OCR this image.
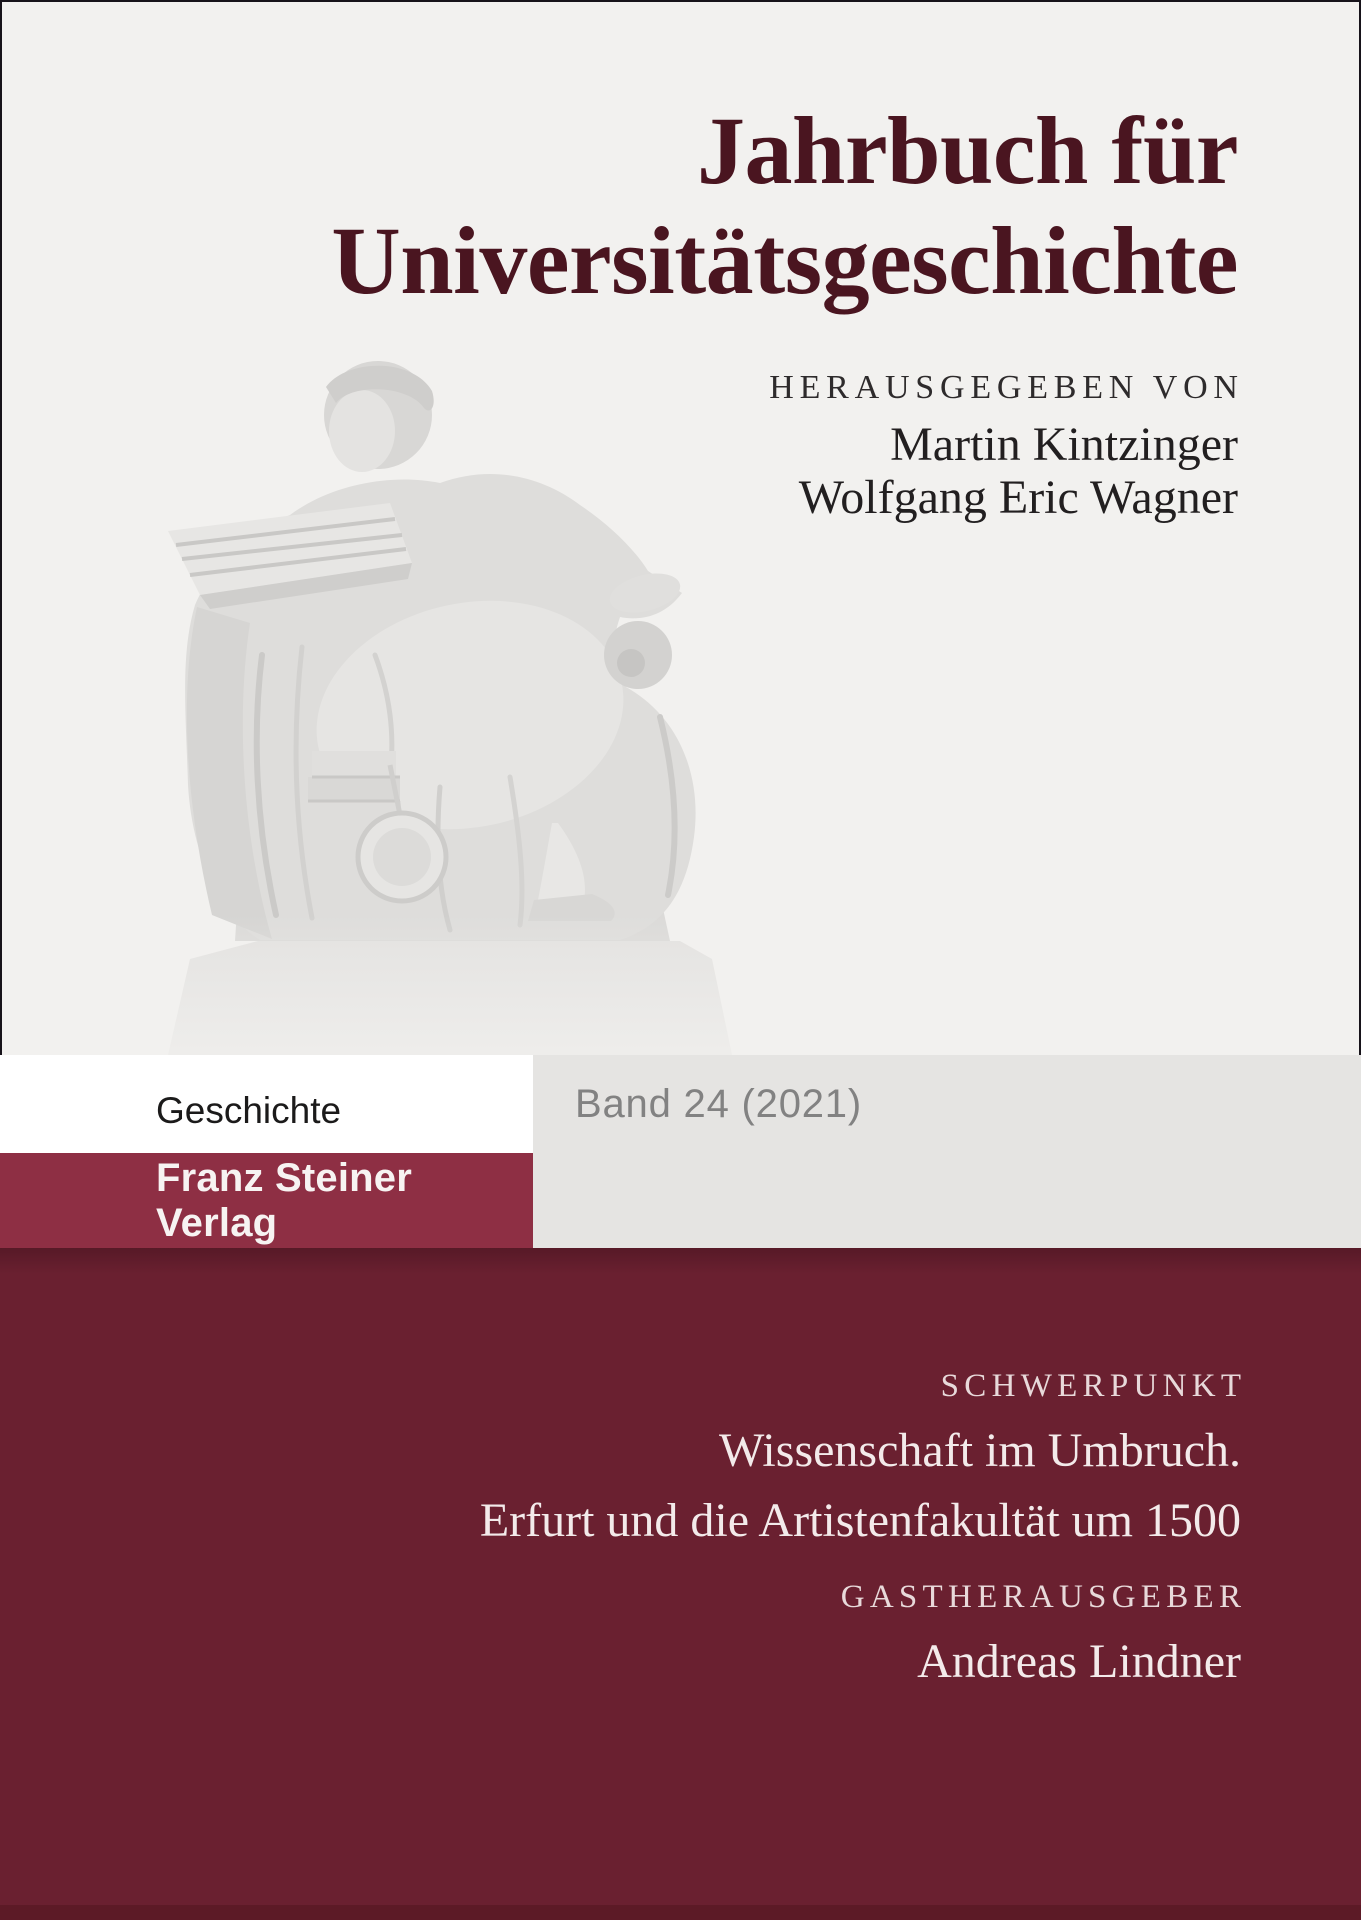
Jahrbuch für
Universitätsgeschichte
HERAUSGEGEBEN VON
Martin Kintzinger
Wolfgang Eric Wagner
Geschichte	Band 24 (2021)
Franz Steiner Verlag
SCHWERPUNKT
Wissenschaft im Umbruch.
Erfurt und die Artistenfakultät um 1500
GASTHERAUSGEBER
Andreas Lindner
